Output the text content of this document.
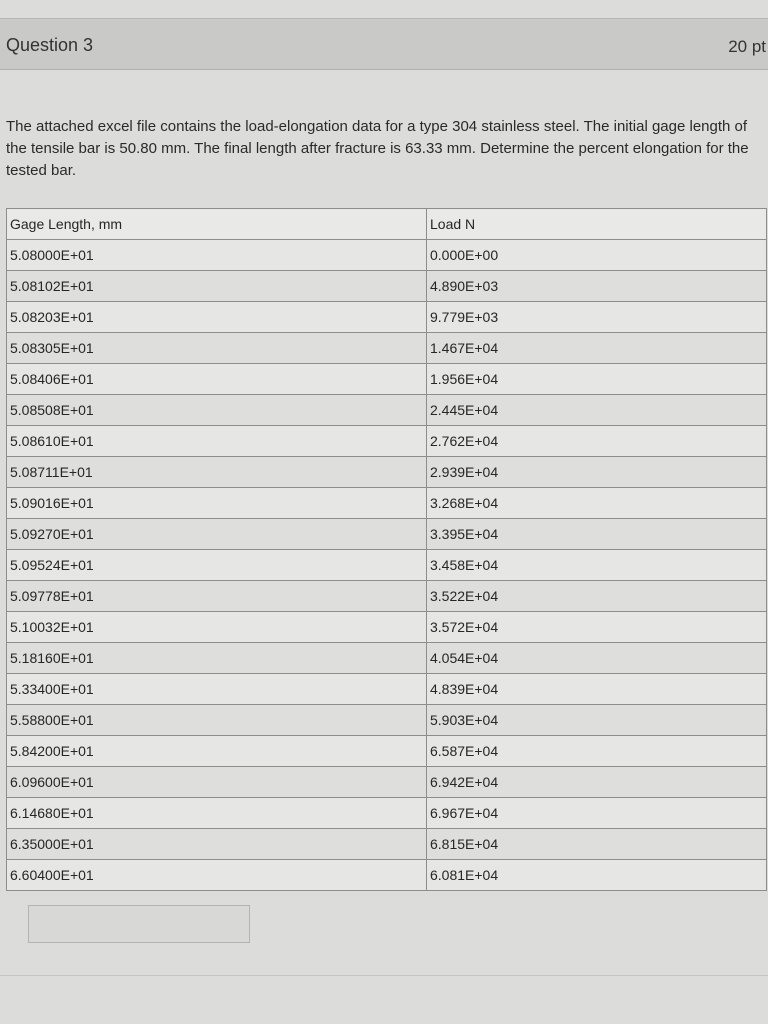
Question 3	20 pt
The attached excel file contains the load-elongation data for a type 304 stainless steel. The initial gage length of the tensile bar is 50.80 mm. The final length after fracture is 63.33 mm. Determine the percent elongation for the tested bar.
Gage Length, mm	Load N
5.08000E+01	0.000E+00
5.08102E+01	4.890E+03
5.08203E+01	9.779E+03
5.08305E+01	1.467E+04
5.08406E+01	1.956E+04
5.08508E+01	2.445E+04
5.08610E+01	2.762E+04
5.08711E+01	2.939E+04
5.09016E+01	3.268E+04
5.09270E+01	3.395E+04
5.09524E+01	3.458E+04
5.09778E+01	3.522E+04
5.10032E+01	3.572E+04
5.18160E+01	4.054E+04
5.33400E+01	4.839E+04
5.58800E+01	5.903E+04
5.84200E+01	6.587E+04
6.09600E+01	6.942E+04
6.14680E+01	6.967E+04
6.35000E+01	6.815E+04
6.60400E+01	6.081E+04
